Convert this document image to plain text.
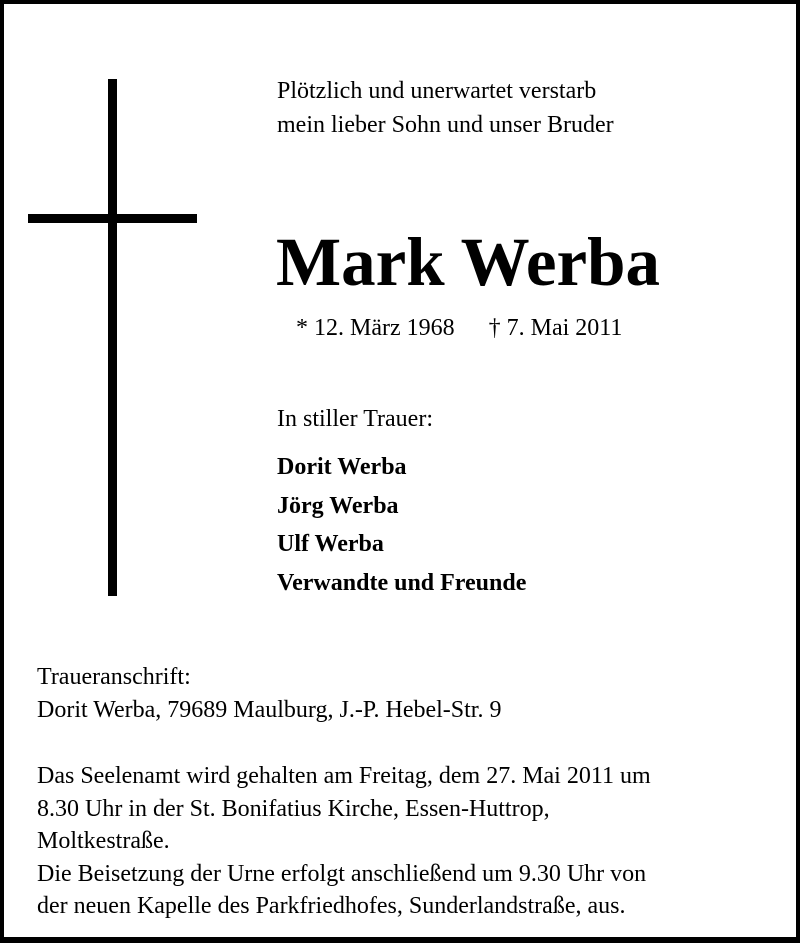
Plötzlich und unerwartet verstarb
mein lieber Sohn und unser Bruder
Mark Werba
* 12. März 1968 † 7. Mai 2011
In stiller Trauer:
Dorit Werba
Jörg Werba
Ulf Werba
Verwandte und Freunde
Traueranschrift:
Dorit Werba, 79689 Maulburg, J.-P. Hebel-Str. 9
Das Seelenamt wird gehalten am Freitag, dem 27. Mai 2011 um
8.30 Uhr in der St. Bonifatius Kirche, Essen-Huttrop,
Moltkestraße.
Die Beisetzung der Urne erfolgt anschließend um 9.30 Uhr von
der neuen Kapelle des Parkfriedhofes, Sunderlandstraße, aus.
